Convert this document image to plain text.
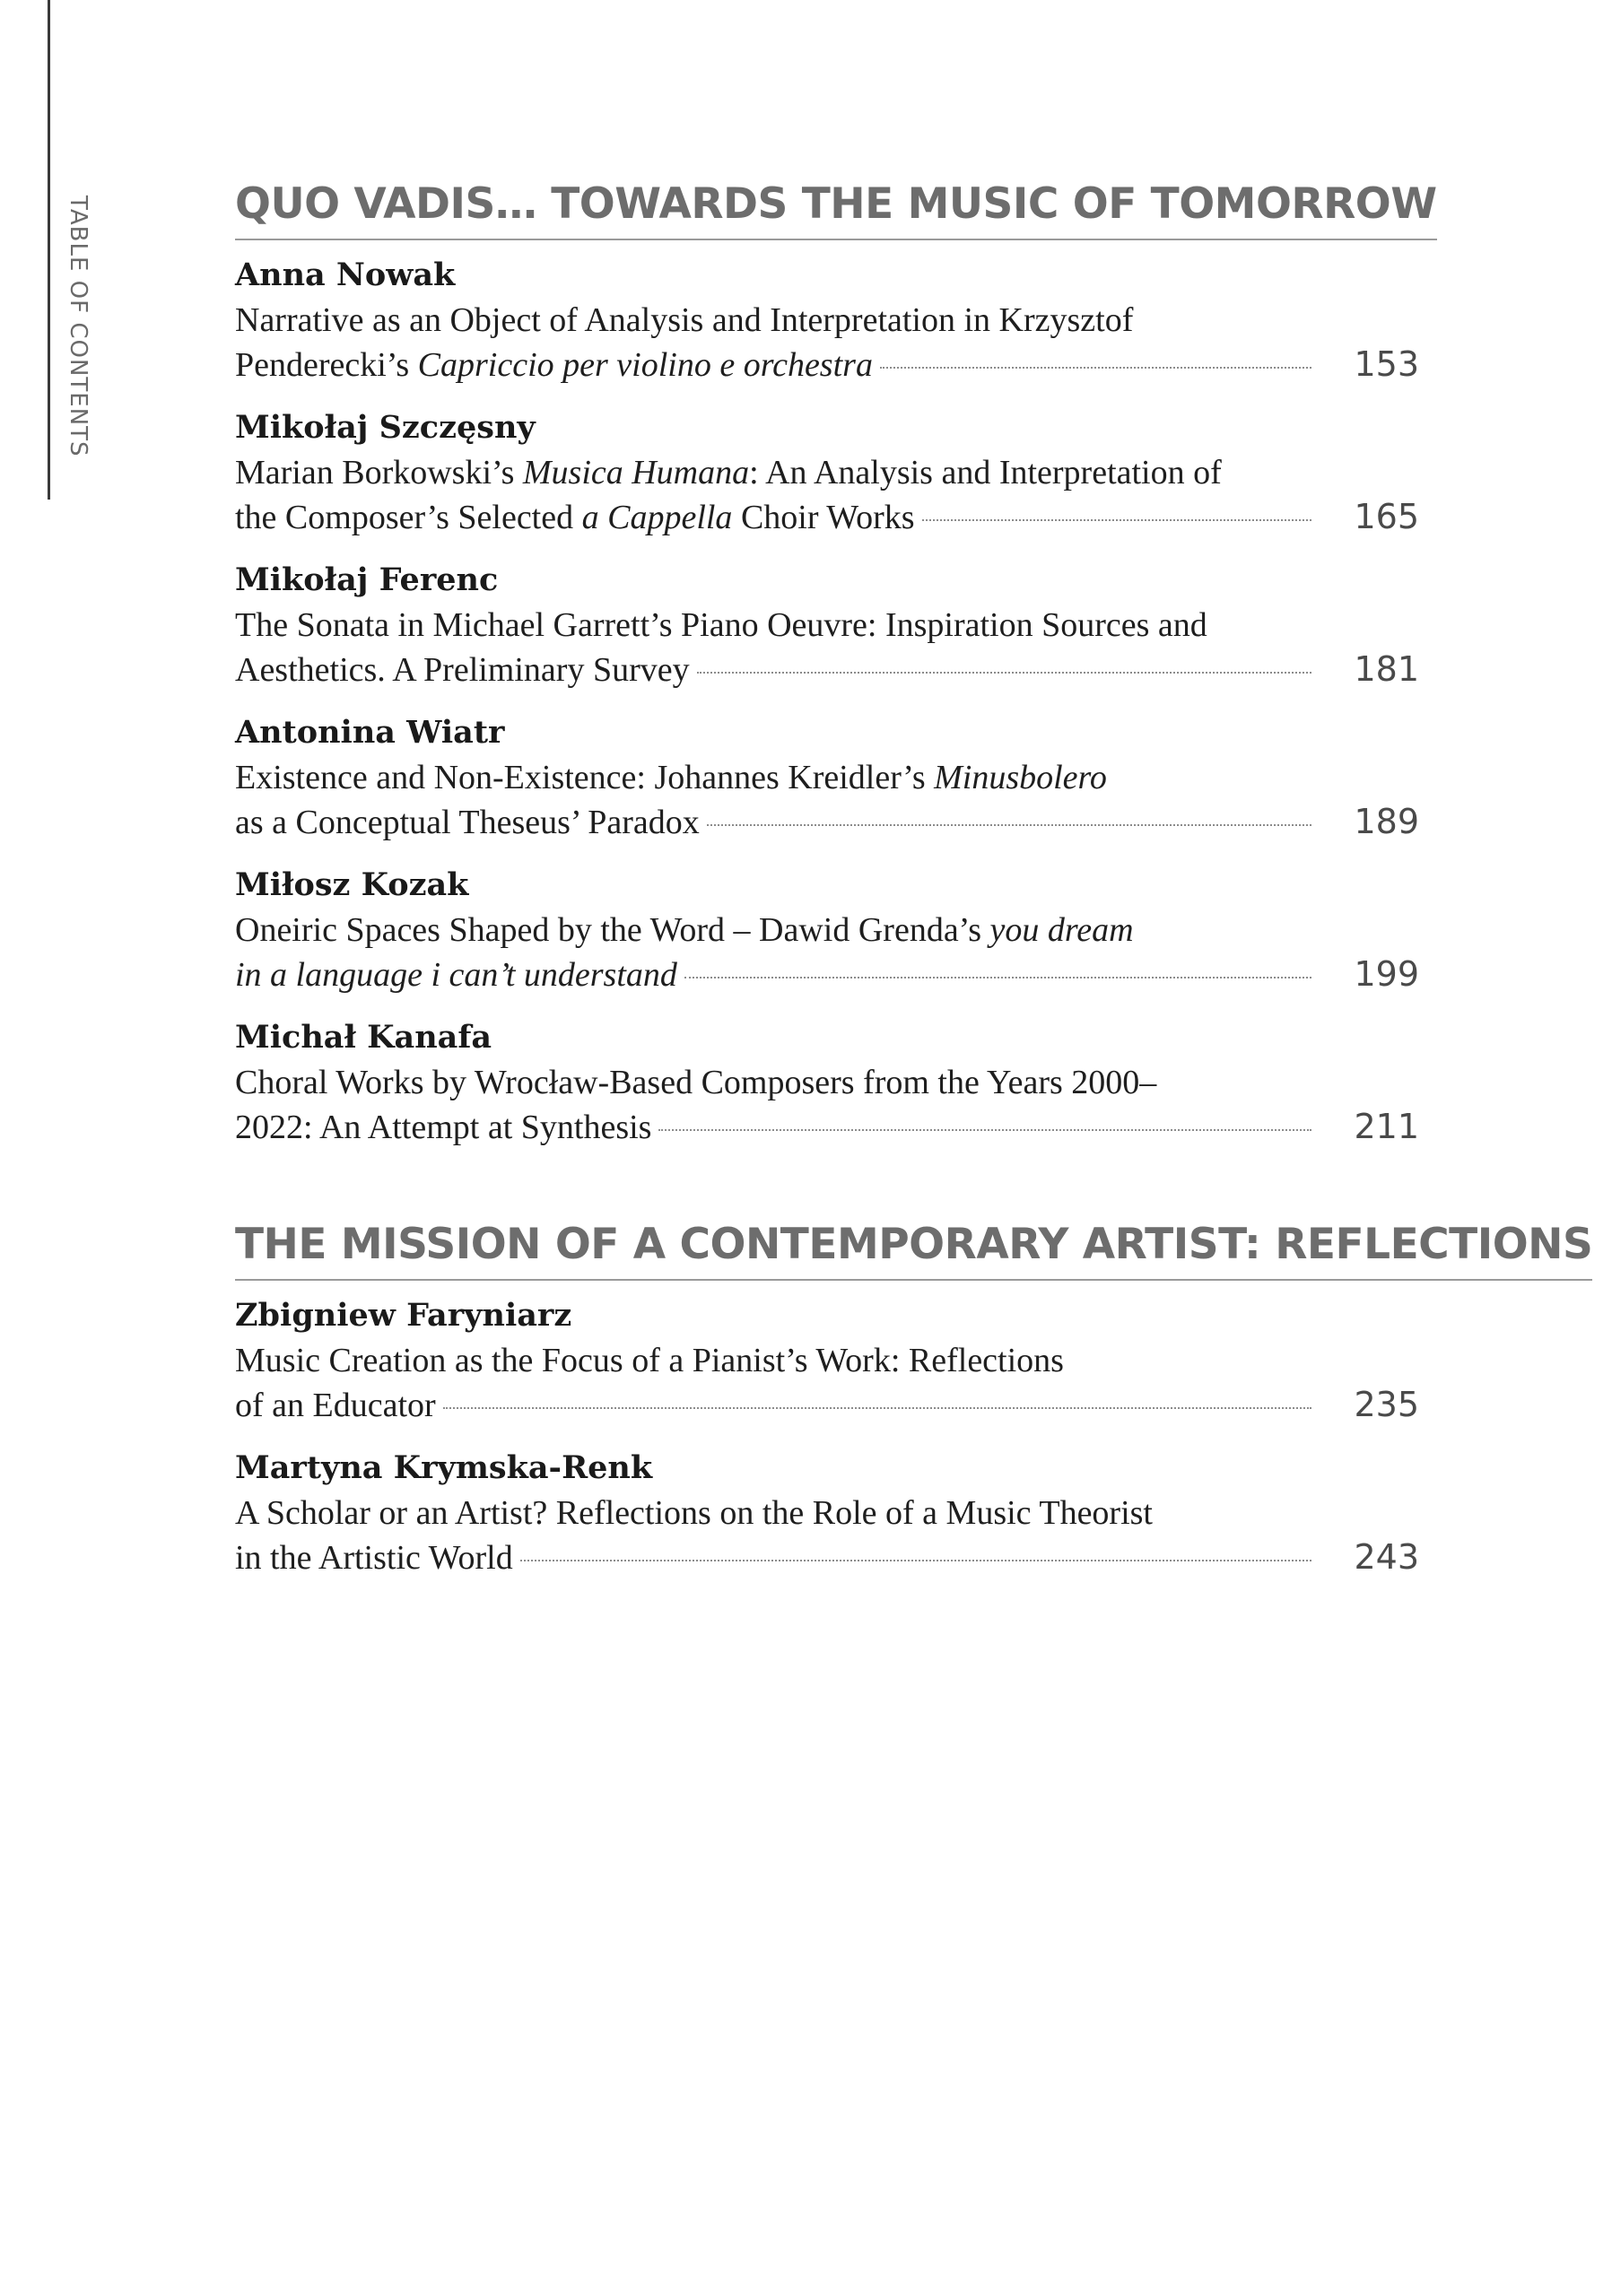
TABLE OF CONTENTS	QUO VADIS… TOWARDS THE MUSIC OF TOMORROW
Anna Nowak
Narrative as an Object of Analysis and Interpretation in Krzysztof
Penderecki’s Capriccio per violino e orchestra	153
Mikołaj Szczęsny
Marian Borkowski’s Musica Humana: An Analysis and Interpretation of
the Composer’s Selected a Cappella Choir Works	165
Mikołaj Ferenc
The Sonata in Michael Garrett’s Piano Oeuvre: Inspiration Sources and
Aesthetics. A Preliminary Survey	181
Antonina Wiatr
Existence and Non-Existence: Johannes Kreidler’s Minusbolero
as a Conceptual Theseus’ Paradox	189
Miłosz Kozak
Oneiric Spaces Shaped by the Word – Dawid Grenda’s you dream
in a language i can’t understand	199
Michał Kanafa
Choral Works by Wrocław-Based Composers from the Years 2000–
2022: An Attempt at Synthesis	211
THE MISSION OF A CONTEMPORARY ARTIST: REFLECTIONS
Zbigniew Faryniarz
Music Creation as the Focus of a Pianist’s Work: Reflections
of an Educator	235
Martyna Krymska-Renk
A Scholar or an Artist? Reflections on the Role of a Music Theorist
in the Artistic World	243
